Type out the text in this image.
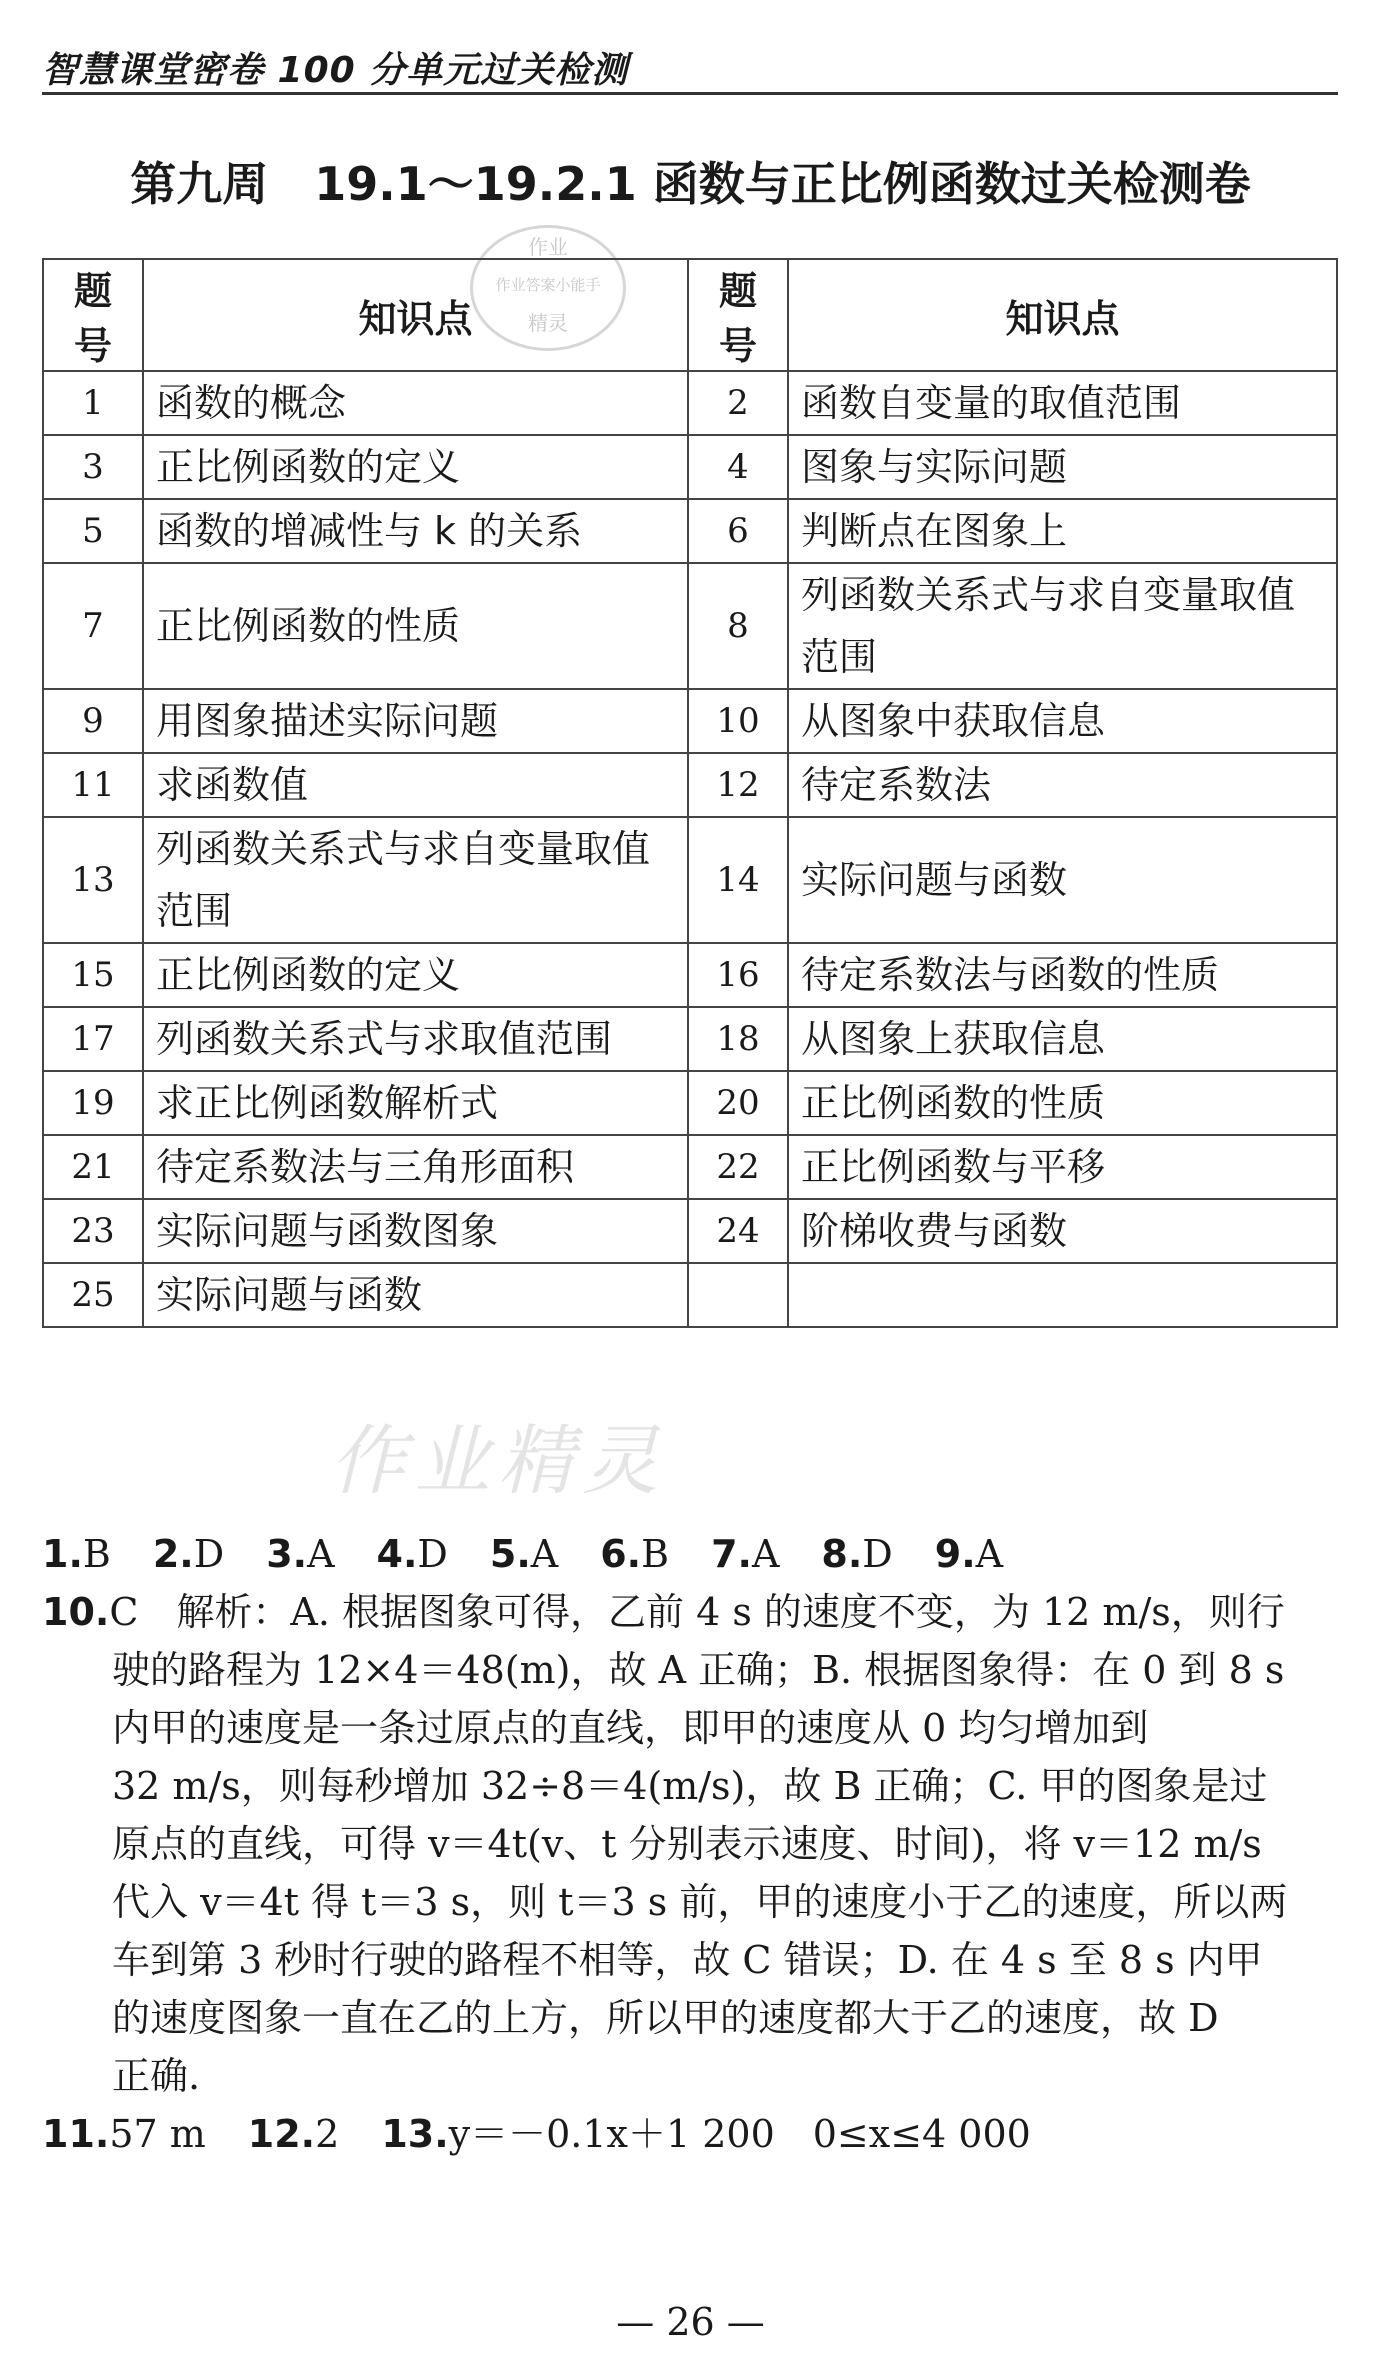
智慧课堂密卷 100 分单元过关检测
第九周　19.1～19.2.1 函数与正比例函数过关检测卷
作业
作业答案小能手
精灵
题号	知识点	题号	知识点
1	函数的概念	2	函数自变量的取值范围
3	正比例函数的定义	4	图象与实际问题
5	函数的增减性与 k 的关系	6	判断点在图象上
7	正比例函数的性质	8	列函数关系式与求自变量取值范围
9	用图象描述实际问题	10	从图象中获取信息
11	求函数值	12	待定系数法
13	列函数关系式与求自变量取值范围	14	实际问题与函数
15	正比例函数的定义	16	待定系数法与函数的性质
17	列函数关系式与求取值范围	18	从图象上获取信息
19	求正比例函数解析式	20	正比例函数的性质
21	待定系数法与三角形面积	22	正比例函数与平移
23	实际问题与函数图象	24	阶梯收费与函数
25	实际问题与函数		
作业精灵
1.B 2.D 3.A 4.D 5.A 6.B 7.A 8.D 9.A
10.C　解析：A. 根据图象可得，乙前 4 s 的速度不变，为 12 m/s，则行
驶的路程为 12×4＝48(m)，故 A 正确；B. 根据图象得：在 0 到 8 s
内甲的速度是一条过原点的直线，即甲的速度从 0 均匀增加到
32 m/s，则每秒增加 32÷8＝4(m/s)，故 B 正确；C. 甲的图象是过
原点的直线，可得 v＝4t(v、t 分别表示速度、时间)，将 v＝12 m/s
代入 v＝4t 得 t＝3 s，则 t＝3 s 前，甲的速度小于乙的速度，所以两
车到第 3 秒时行驶的路程不相等，故 C 错误；D. 在 4 s 至 8 s 内甲
的速度图象一直在乙的上方，所以甲的速度都大于乙的速度，故 D
正确.
11.57 m 12.2 13.y＝－0.1x＋1 200　0≤x≤4 000
— 26 —
